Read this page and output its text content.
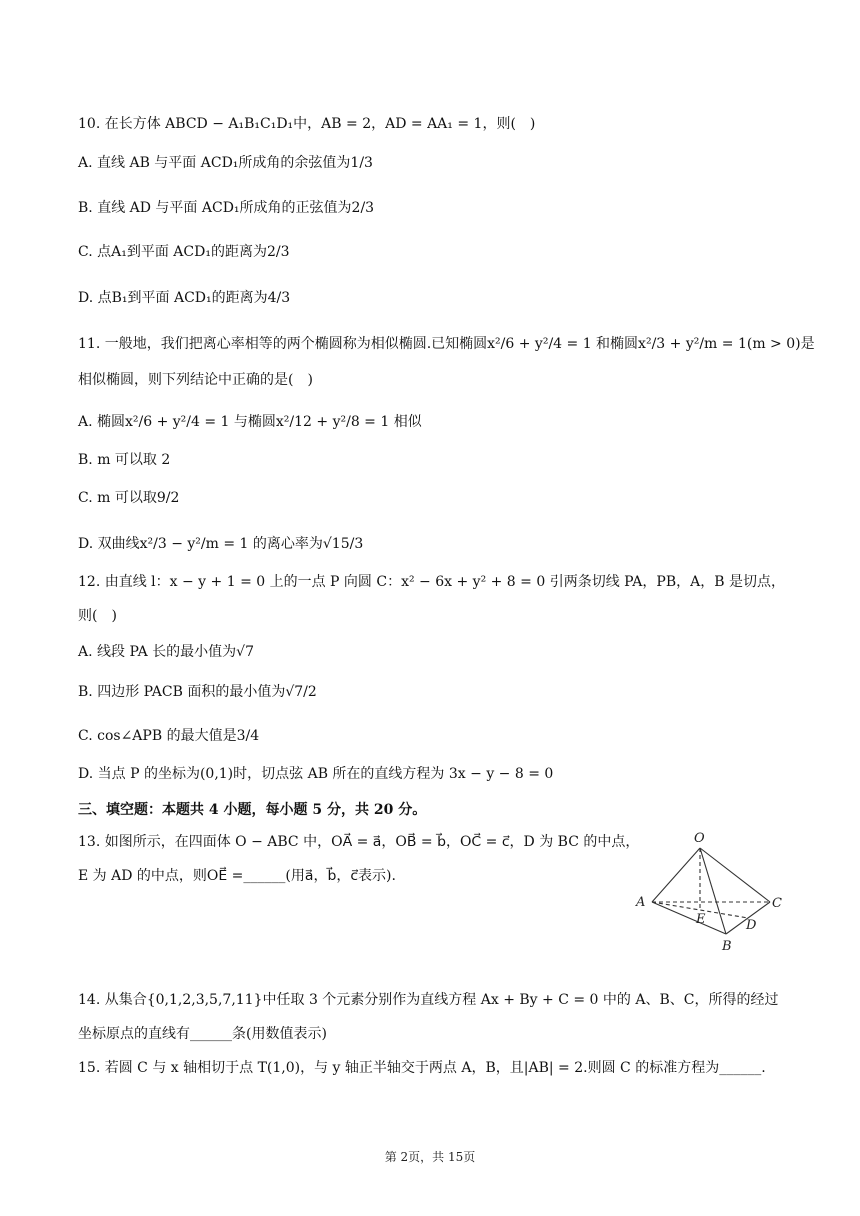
10. 在长方体 ABCD − A₁B₁C₁D₁中，AB = 2，AD = AA₁ = 1，则(　)
A. 直线 AB 与平面 ACD₁所成角的余弦值为1/3
B. 直线 AD 与平面 ACD₁所成角的正弦值为2/3
C. 点A₁到平面 ACD₁的距离为2/3
D. 点B₁到平面 ACD₁的距离为4/3
11. 一般地，我们把离心率相等的两个椭圆称为相似椭圆.已知椭圆x²/6 + y²/4 = 1 和椭圆x²/3 + y²/m = 1(m > 0)是
相似椭圆，则下列结论中正确的是(　)
A. 椭圆x²/6 + y²/4 = 1 与椭圆x²/12 + y²/8 = 1 相似
B. m 可以取 2
C. m 可以取9/2
D. 双曲线x²/3 − y²/m = 1 的离心率为√15/3
12. 由直线 l：x − y + 1 = 0 上的一点 P 向圆 C：x² − 6x + y² + 8 = 0 引两条切线 PA，PB，A，B 是切点，
则(　)
A. 线段 PA 长的最小值为√7
B. 四边形 PACB 面积的最小值为√7/2
C. cos∠APB 的最大值是3/4
D. 当点 P 的坐标为(0,1)时，切点弦 AB 所在的直线方程为 3x − y − 8 = 0
三、填空题：本题共 4 小题，每小题 5 分，共 20 分。
13. 如图所示，在四面体 O − ABC 中，OA⃗ = a⃗，OB⃗ = b⃗，OC⃗ = c⃗，D 为 BC 的中点，
E 为 AD 的中点，则OE⃗ =______(用a⃗，b⃗，c⃗表示).
O
A
B
C
D
E
14. 从集合{0,1,2,3,5,7,11}中任取 3 个元素分别作为直线方程 Ax + By + C = 0 中的 A、B、C，所得的经过
坐标原点的直线有______条(用数值表示)
15. 若圆 C 与 x 轴相切于点 T(1,0)，与 y 轴正半轴交于两点 A，B，且|AB| = 2.则圆 C 的标准方程为______.
第 2页，共 15页
